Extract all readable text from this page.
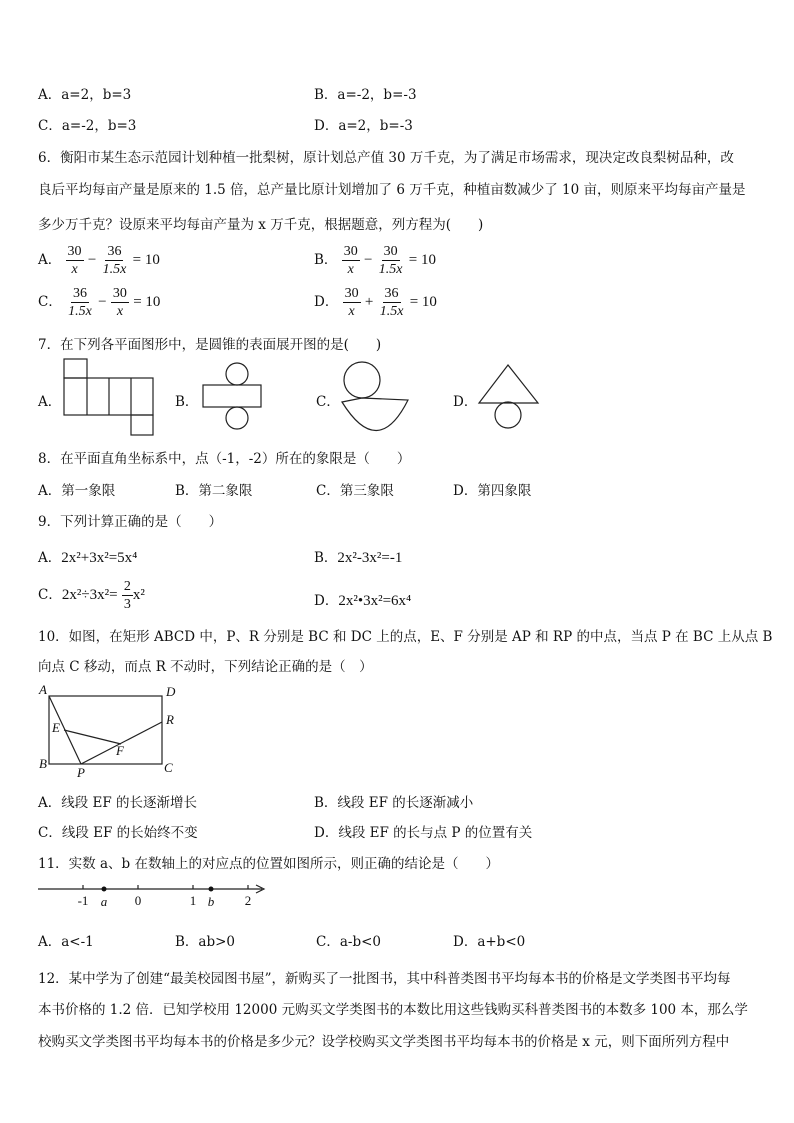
A．a=2，b=3	B．a=-2，b=-3
C．a=-2，b=3	D．a=2，b=-3
6．衡阳市某生态示范园计划种植一批梨树，原计划总产值 30 万千克，为了满足市场需求，现决定改良梨树品种，改
良后平均每亩产量是原来的 1.5 倍，总产量比原计划增加了 6 万千克，种植亩数减少了 10 亩，则原来平均每亩产量是
多少万千克？设原来平均每亩产量为 x 万千克，根据题意，列方程为(　　)
A． $\frac{30}{x} - \frac{36}{1.5x} = 10$	B． $\frac{30}{x} - \frac{30}{1.5x} = 10$
C． $\frac{36}{1.5x} - \frac{30}{x} = 10$	D． $\frac{30}{x} + \frac{36}{1.5x} = 10$
7．在下列各平面图形中，是圆锥的表面展开图的是(　　)
A．	B．	C．	D．
8．在平面直角坐标系中，点（-1，-2）所在的象限是（　　）
A．第一象限	B．第二象限	C．第三象限	D．第四象限
9．下列计算正确的是（　　）
A．2x²+3x²=5x⁴	B．2x²-3x²=-1
C．$2x^2\div 3x^2= \frac{2}{3} x^2$	D．2x²•3x²=6x⁴
10．如图，在矩形 ABCD 中，P、R 分别是 BC 和 DC 上的点，E、F 分别是 AP 和 RP 的中点，当点 P 在 BC 上从点 B
向点 C 移动，而点 R 不动时，下列结论正确的是（　）
A	D
B	C
E
F
P
R
A．线段 EF 的长逐渐增长	B．线段 EF 的长逐渐减小
C．线段 EF 的长始终不变	D．线段 EF 的长与点 P 的位置有关
11．实数 a、b 在数轴上的对应点的位置如图所示，则正确的结论是（　　）
-1	0	1	2
a	b
A．a<-1	B．ab>0	C．a-b<0	D．a+b<0
12．某中学为了创建“最美校园图书屋”，新购买了一批图书，其中科普类图书平均每本书的价格是文学类图书平均每
本书价格的 1.2 倍．已知学校用 12000 元购买文学类图书的本数比用这些钱购买科普类图书的本数多 100 本，那么学
校购买文学类图书平均每本书的价格是多少元？设学校购买文学类图书平均每本书的价格是 x 元，则下面所列方程中
